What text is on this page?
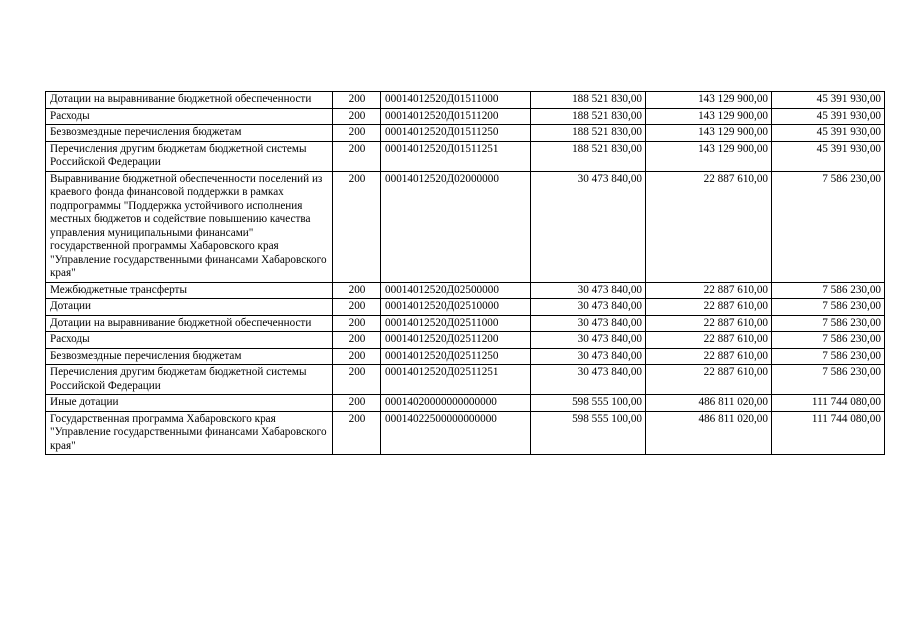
Дотации на выравнивание бюджетной обеспеченности	200	00014012520Д01511000	188 521 830,00	143 129 900,00	45 391 930,00
Расходы	200	00014012520Д01511200	188 521 830,00	143 129 900,00	45 391 930,00
Безвозмездные перечисления бюджетам	200	00014012520Д01511250	188 521 830,00	143 129 900,00	45 391 930,00
Перечисления другим бюджетам бюджетной системы Российской Федерации	200	00014012520Д01511251	188 521 830,00	143 129 900,00	45 391 930,00
Выравнивание бюджетной обеспеченности поселений из краевого фонда финансовой поддержки в рамках подпрограммы "Поддержка устойчивого исполнения местных бюджетов и содействие повышению качества управления муниципальными финансами" государственной программы Хабаровского края "Управление государственными финансами Хабаровского края"	200	00014012520Д02000000	30 473 840,00	22 887 610,00	7 586 230,00
Межбюджетные трансферты	200	00014012520Д02500000	30 473 840,00	22 887 610,00	7 586 230,00
Дотации	200	00014012520Д02510000	30 473 840,00	22 887 610,00	7 586 230,00
Дотации на выравнивание бюджетной обеспеченности	200	00014012520Д02511000	30 473 840,00	22 887 610,00	7 586 230,00
Расходы	200	00014012520Д02511200	30 473 840,00	22 887 610,00	7 586 230,00
Безвозмездные перечисления бюджетам	200	00014012520Д02511250	30 473 840,00	22 887 610,00	7 586 230,00
Перечисления другим бюджетам бюджетной системы Российской Федерации	200	00014012520Д02511251	30 473 840,00	22 887 610,00	7 586 230,00
Иные дотации	200	00014020000000000000	598 555 100,00	486 811 020,00	111 744 080,00
Государственная программа Хабаровского края "Управление государственными финансами Хабаровского края"	200	00014022500000000000	598 555 100,00	486 811 020,00	111 744 080,00
